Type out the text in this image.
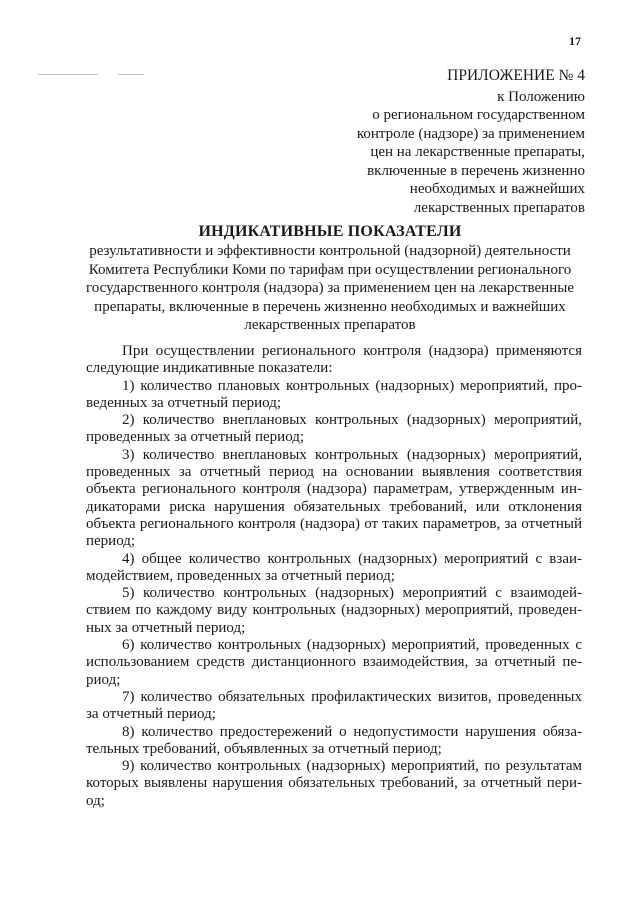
17
ПРИЛОЖЕНИЕ № 4
к Положению
о региональном государственном
контроле (надзоре) за применением
цен на лекарственные препараты,
включенные в перечень жизненно
необходимых и важнейших
лекарственных препаратов
ИНДИКАТИВНЫЕ ПОКАЗАТЕЛИ
результативности и эффективности контрольной (надзорной) деятельности Комитета Республики Коми по тарифам при осуществлении регионального государственного контроля (надзора) за применением цен на лекарственные препараты, включенные в перечень жизненно необходимых и важнейших лекарственных препаратов

При осуществлении регионального контроля (надзора) применяются следующие индикативные показатели:

1) количество плановых контрольных (надзорных) мероприятий, проведенных за отчетный период;

2) количество внеплановых контрольных (надзорных) мероприятий, проведенных за отчетный период;

3) количество внеплановых контрольных (надзорных) мероприятий, проведенных за отчетный период на основании выявления соответствия объекта регионального контроля (надзора) параметрам, утвержденным индикаторами риска нарушения обязательных требований, или отклонения объекта регионального контроля (надзора) от таких параметров, за отчетный период;

4) общее количество контрольных (надзорных) мероприятий с взаимодействием, проведенных за отчетный период;

5) количество контрольных (надзорных) мероприятий с взаимодействием по каждому виду контрольных (надзорных) мероприятий, проведенных за отчетный период;

6) количество контрольных (надзорных) мероприятий, проведенных с использованием средств дистанционного взаимодействия, за отчетный период;

7) количество обязательных профилактических визитов, проведенных за отчетный период;

8) количество предостережений о недопустимости нарушения обязательных требований, объявленных за отчетный период;

9) количество контрольных (надзорных) мероприятий, по результатам которых выявлены нарушения обязательных требований, за отчетный период;
